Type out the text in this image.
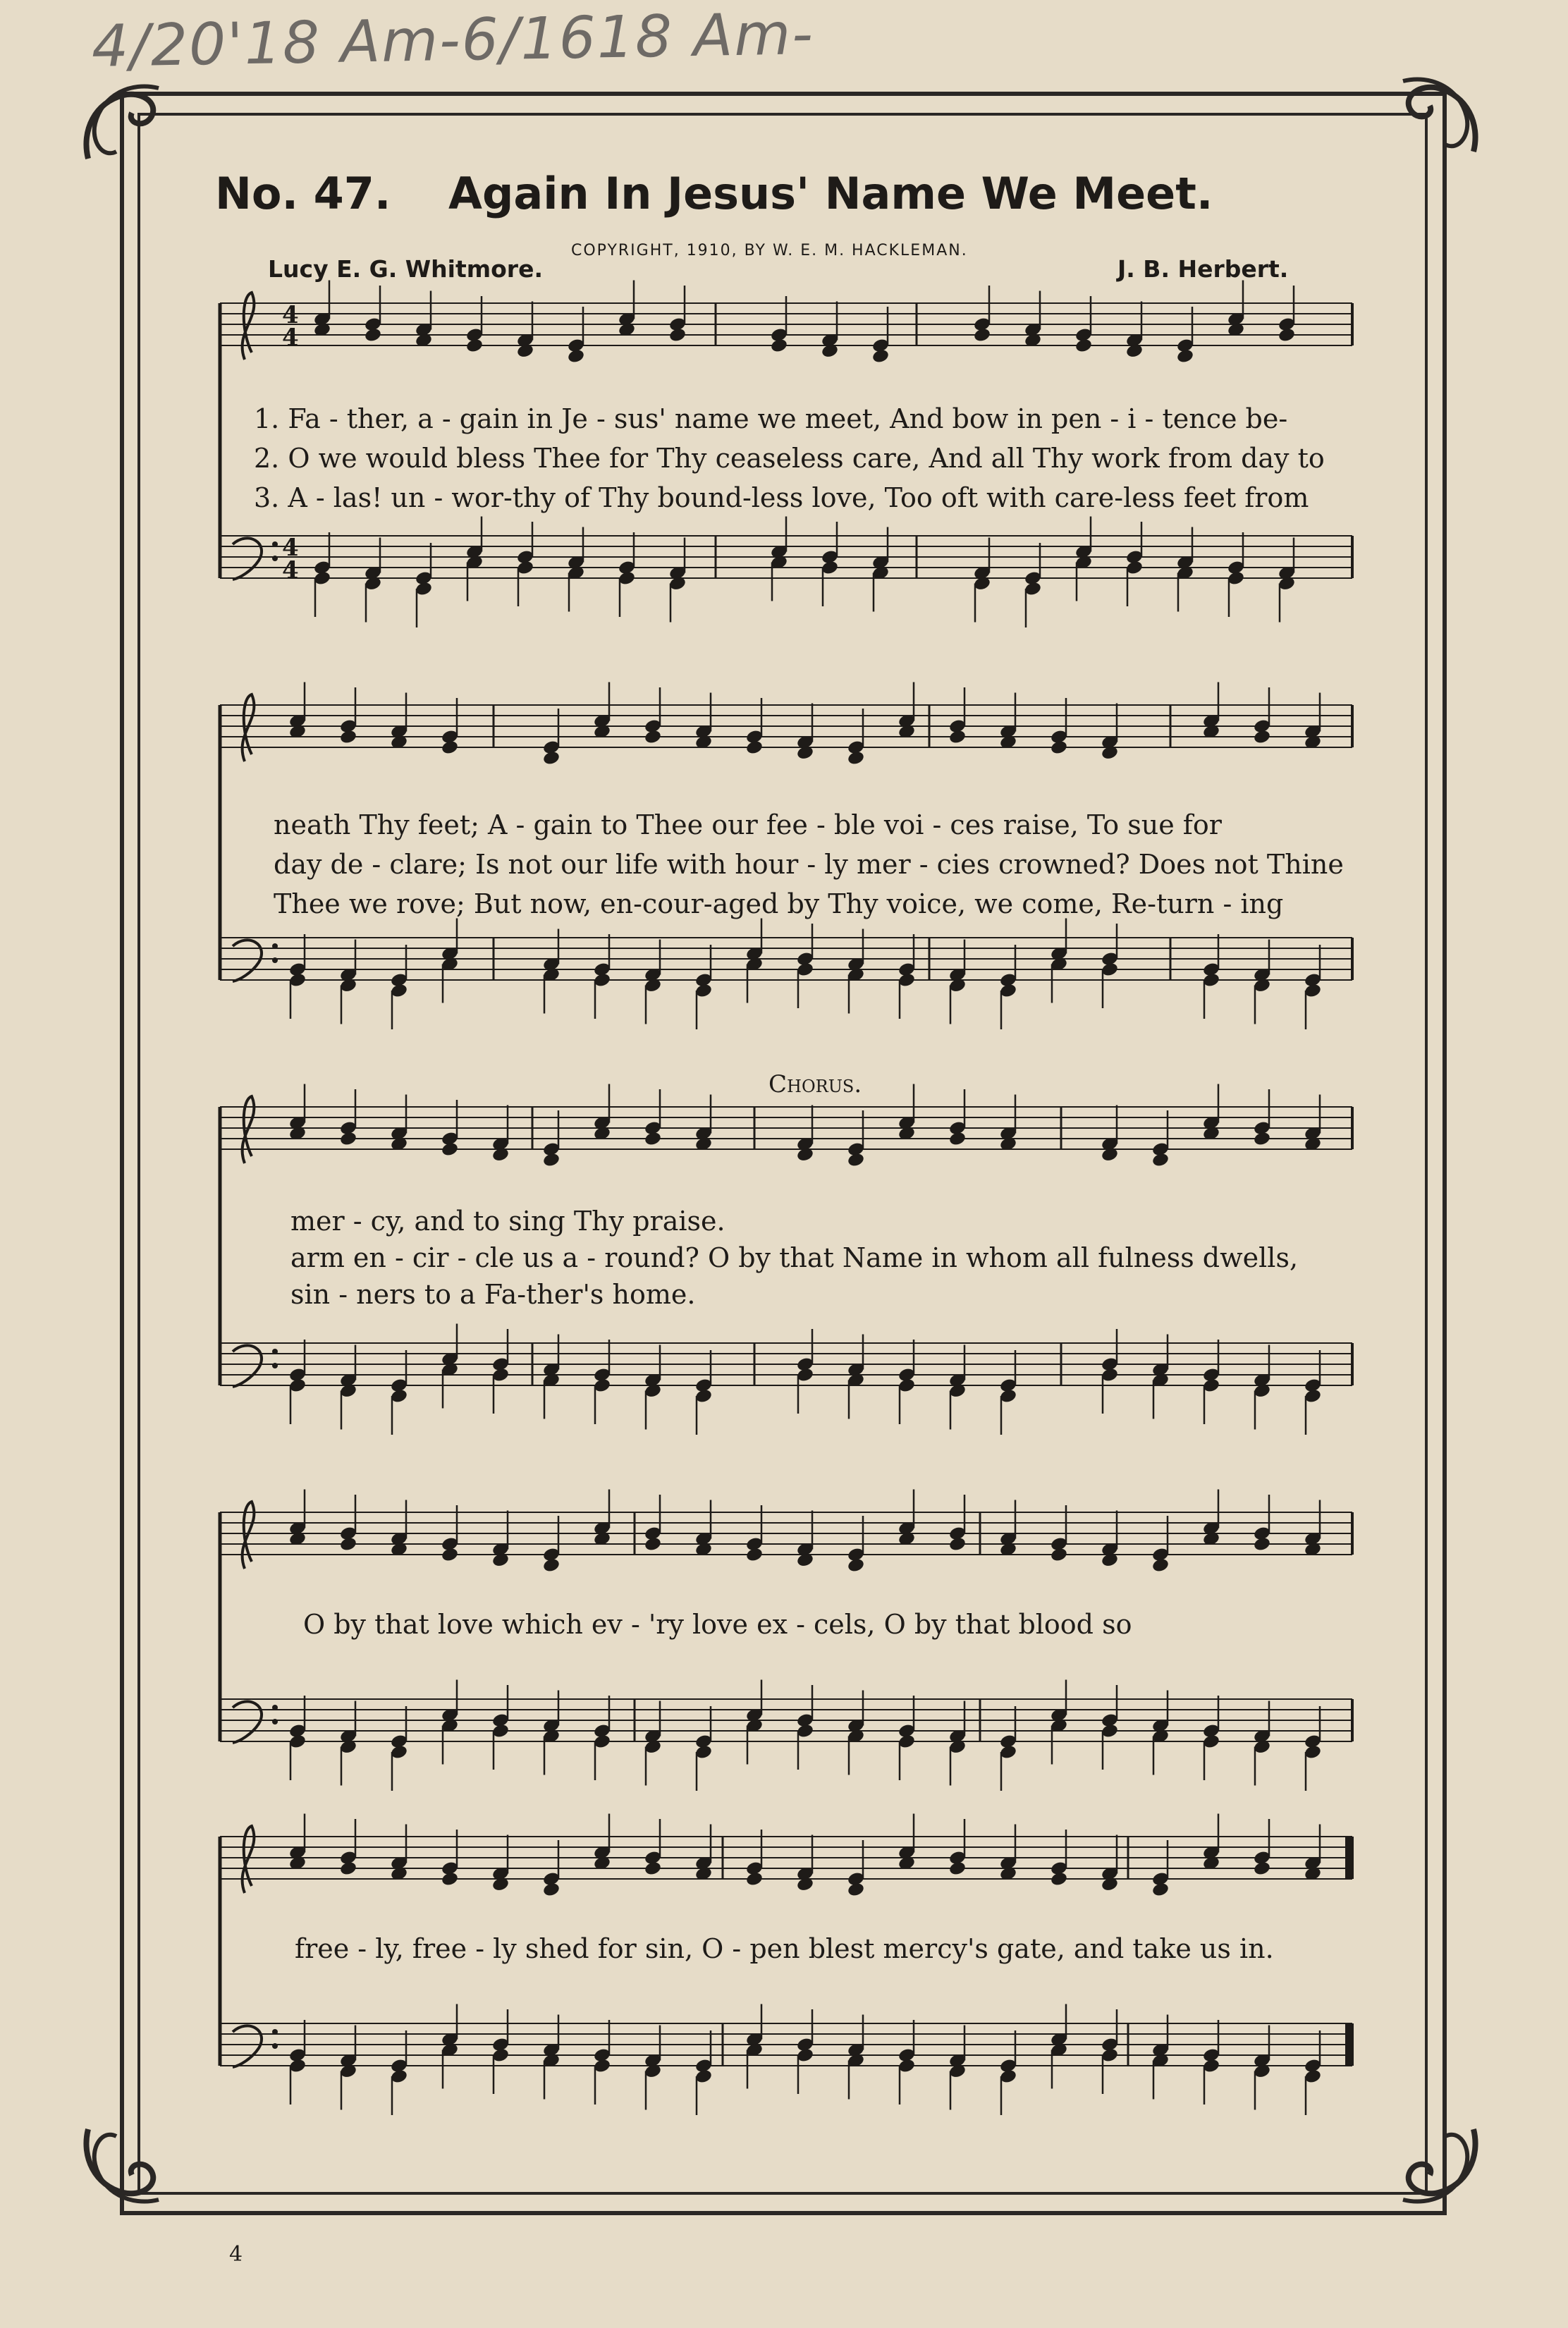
4/20'18 Am-6/1618 Am-
No. 47. Again In Jesus' Name We Meet.
COPYRIGHT, 1910, BY W. E. M. HACKLEMAN.
Lucy E. G. Whitmore.	J. B. Herbert.
Chorus.
1. Fa - ther, a - gain in Je - sus' name we meet, And bow in pen - i - tence be-
2. O we would bless Thee for Thy ceaseless care, And all Thy work from day to
3. A - las! un - wor-thy of Thy bound-less love, Too oft with care-less feet from
neath Thy feet; A - gain to Thee our fee - ble voi - ces raise, To sue for
day de - clare; Is not our life with hour - ly mer - cies crowned? Does not Thine
Thee we rove; But now, en-cour-aged by Thy voice, we come, Re-turn - ing
mer - cy, and to sing Thy praise.
arm en - cir - cle us a - round? O by that Name in whom all fulness dwells,
sin - ners to a Fa-ther's home.
O by that love which ev - 'ry love ex - cels, O by that blood so
free - ly, free - ly shed for sin, O - pen blest mercy's gate, and take us in.
4
4
4
4
4
